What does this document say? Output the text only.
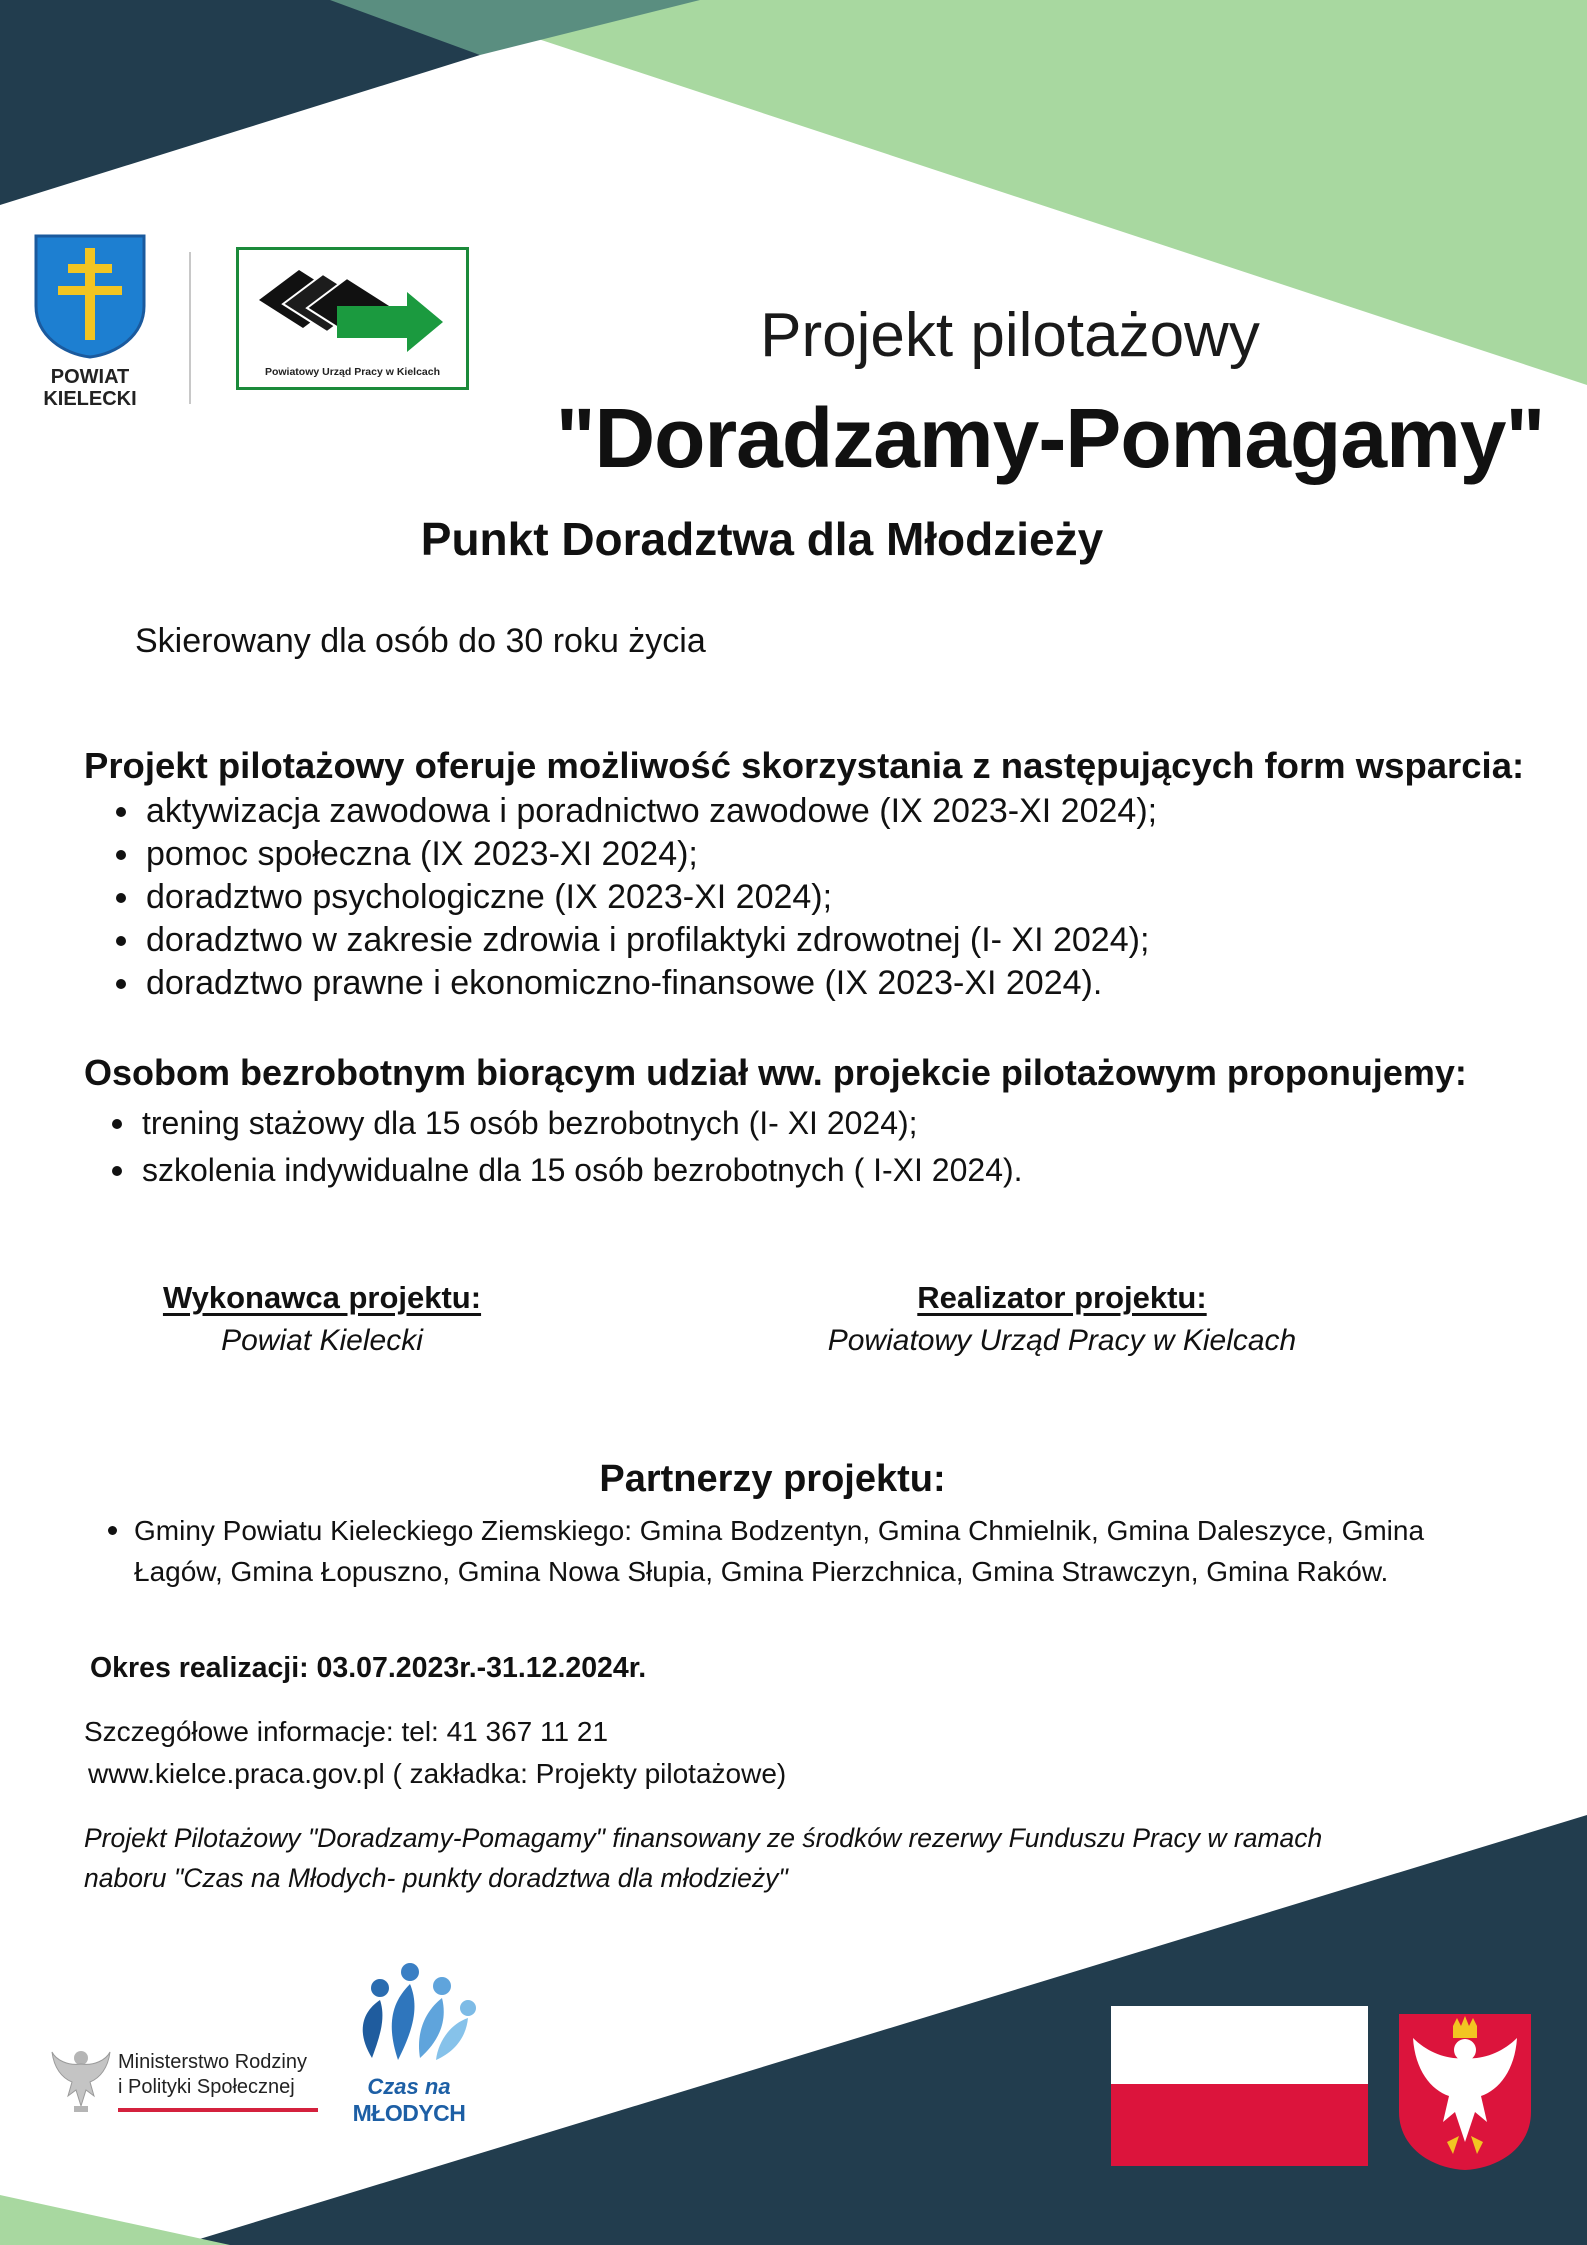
POWIAT
KIELECKI
Powiatowy Urząd Pracy w Kielcach
Projekt pilotażowy
"Doradzamy-Pomagamy"
Punkt Doradztwa dla Młodzieży
Skierowany dla osób do 30 roku życia
Projekt pilotażowy oferuje możliwość skorzystania z następujących form wsparcia:
aktywizacja zawodowa i poradnictwo zawodowe (IX 2023-XI 2024);
pomoc społeczna (IX 2023-XI 2024);
doradztwo psychologiczne (IX 2023-XI 2024);
doradztwo w zakresie zdrowia i profilaktyki zdrowotnej (I- XI 2024);
doradztwo prawne i ekonomiczno-finansowe (IX 2023-XI 2024).
Osobom bezrobotnym biorącym udział ww. projekcie pilotażowym proponujemy:
trening stażowy dla 15 osób bezrobotnych (I- XI 2024);
szkolenia indywidualne dla 15 osób bezrobotnych ( I-XI 2024).
Wykonawca projektu:
Powiat Kielecki
Realizator projektu:
Powiatowy Urząd Pracy w Kielcach
Partnerzy projektu:
Gminy Powiatu Kieleckiego Ziemskiego: Gmina Bodzentyn, Gmina Chmielnik, Gmina Daleszyce, Gmina Łagów, Gmina Łopuszno, Gmina Nowa Słupia, Gmina Pierzchnica, Gmina Strawczyn, Gmina Raków.
Okres realizacji: 03.07.2023r.-31.12.2024r.
Szczegółowe informacje: tel: 41 367 11 21
www.kielce.praca.gov.pl ( zakładka: Projekty pilotażowe)
Projekt Pilotażowy "Doradzamy-Pomagamy" finansowany ze środków rezerwy Funduszu Pracy w ramach naboru "Czas na Młodych- punkty doradztwa dla młodzieży"
Ministerstwo Rodziny
i Polityki Społecznej	Czas na
MŁODYCH
